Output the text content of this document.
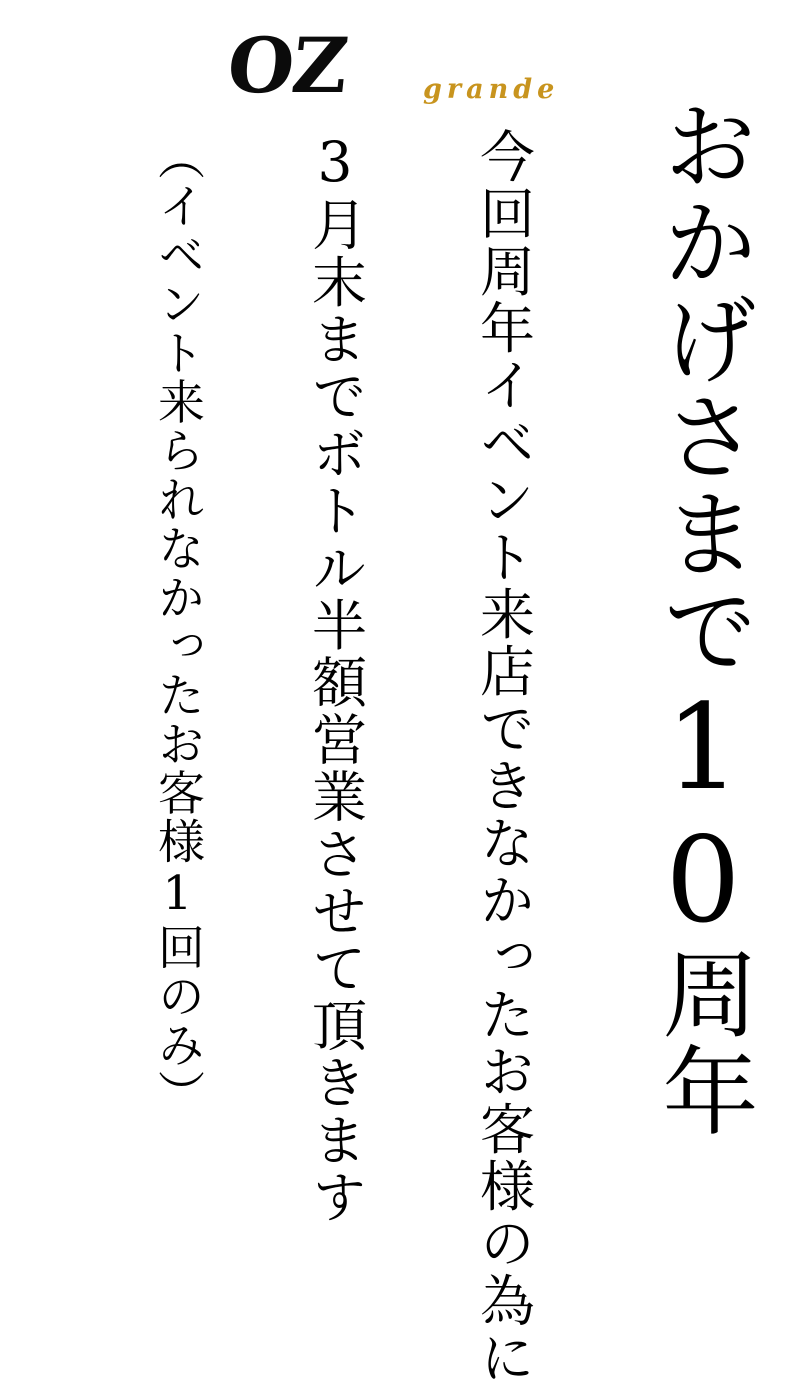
OZ	grande
おかげさまで10周年
今回周年イベント来店できなかったお客様の為に
3月末までボトル半額営業させて頂きます
（イベント来られなかったお客様1回のみ）
